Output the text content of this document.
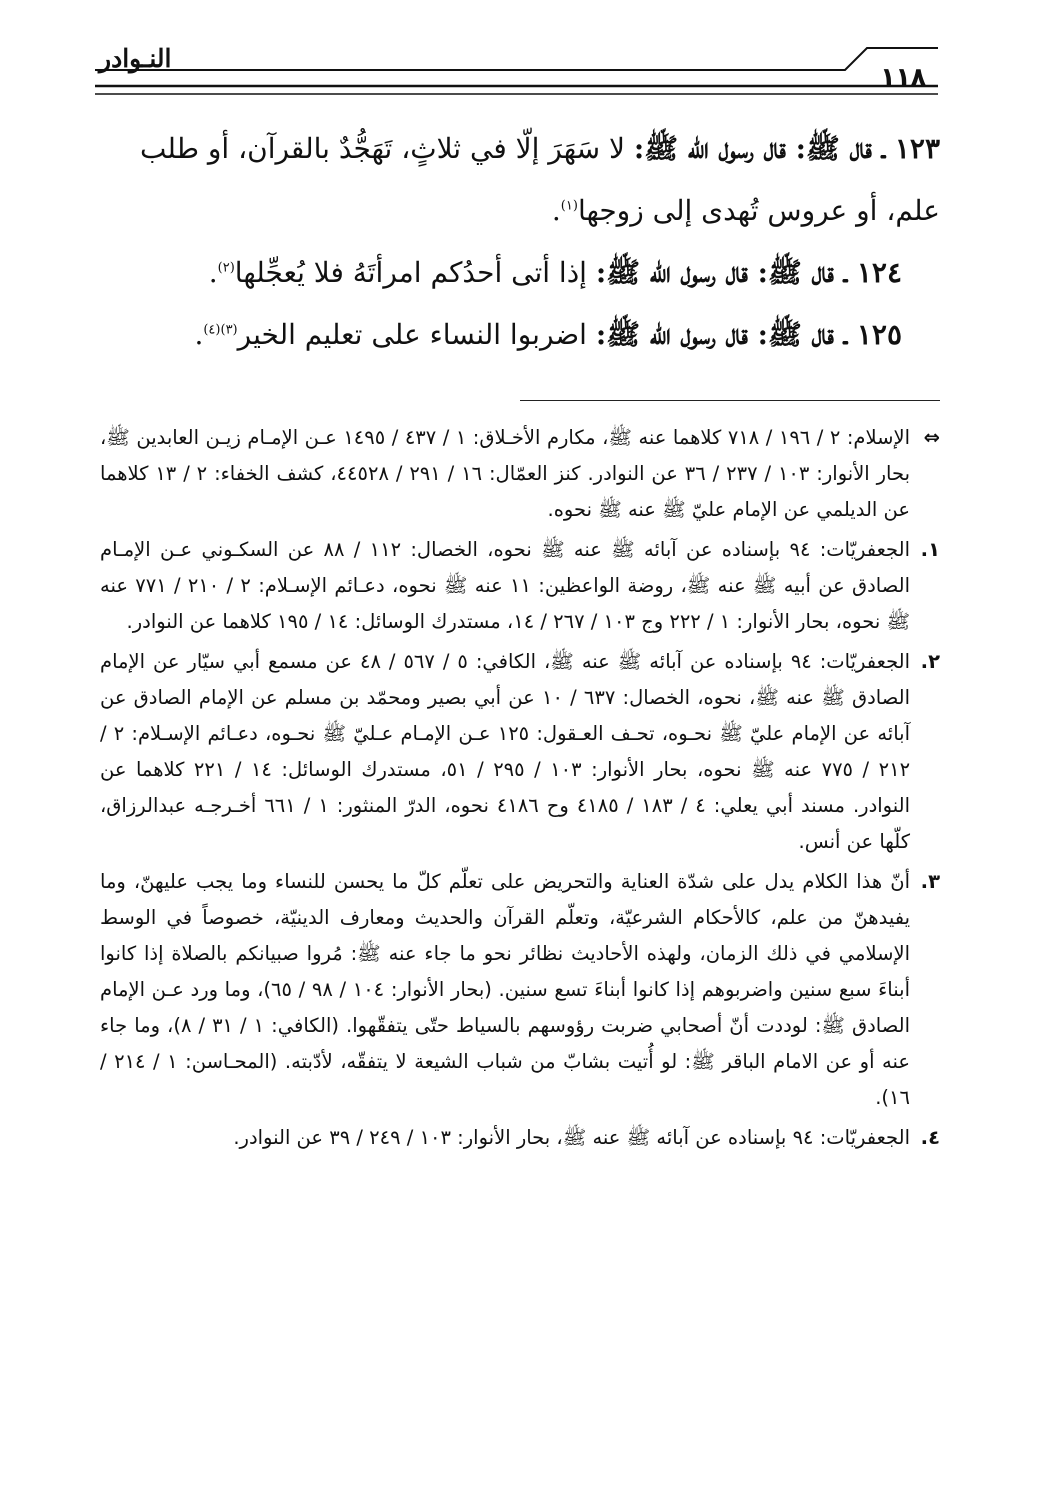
النـوادر
١١٨

١٢٣ ـ قال ﷺ: قال رسول الله ﷺ: لا سَهَرَ إلّا في ثلاثٍ، تَهَجُّدٌ بالقرآن، أو طلب علم، أو عروس تُهدى إلى زوجها$^{(١)}$.

١٢٤ ـ قال ﷺ: قال رسول الله ﷺ: إذا أتى أحدُكم امرأتَهُ فلا يُعجِّلها$^{(٢)}$.

١٢٥ ـ قال ﷺ: قال رسول الله ﷺ: اضربوا النساء على تعليم الخير$^{(٣)(٤)}$.

⇔
الإسلام: ٢ / ١٩٦ / ٧١٨ كلاهما عنه ﷺ، مكارم الأخـلاق: ١ / ٤٣٧ / ١٤٩٥ عـن الإمـام زيـن العابدين ﷺ، بحار الأنوار: ١٠٣ / ٢٣٧ / ٣٦ عن النوادر. كنز العمّال: ١٦ / ٢٩١ / ٤٤٥٢٨، كشف الخفاء: ٢ / ١٣ كلاهما عن الديلمي عن الإمام عليّ ﷺ عنه ﷺ نحوه.
١.
الجعفريّات: ٩٤ بإسناده عن آبائه ﷺ عنه ﷺ نحوه، الخصال: ١١٢ / ٨٨ عن السكـوني عـن الإمـام الصادق عن أبيه ﷺ عنه ﷺ، روضة الواعظين: ١١ عنه ﷺ نحوه، دعـائم الإسـلام: ٢ / ٢١٠ / ٧٧١ عنه ﷺ نحوه، بحار الأنوار: ١ / ٢٢٢ وج ١٠٣ / ٢٦٧ / ١٤، مستدرك الوسائل: ١٤ / ١٩٥ كلاهما عن النوادر.
٢.
الجعفريّات: ٩٤ بإسناده عن آبائه ﷺ عنه ﷺ، الكافي: ٥ / ٥٦٧ / ٤٨ عن مسمع أبي سيّار عن الإمام الصادق ﷺ عنه ﷺ، نحوه، الخصال: ٦٣٧ / ١٠ عن أبي بصير ومحمّد بن مسلم عن الإمام الصادق عن آبائه عن الإمام عليّ ﷺ نحـوه، تحـف العـقول: ١٢٥ عـن الإمـام عـليّ ﷺ نحـوه، دعـائم الإسـلام: ٢ / ٢١٢ / ٧٧٥ عنه ﷺ نحوه، بحار الأنوار: ١٠٣ / ٢٩٥ / ٥١، مستدرك الوسائل: ١٤ / ٢٢١ كلاهما عن النوادر. مسند أبي يعلي: ٤ / ١٨٣ / ٤١٨٥ وح ٤١٨٦ نحوه، الدرّ المنثور: ١ / ٦٦١ أخـرجـه عبدالرزاق، كلّها عن أنس.
٣.
أنّ هذا الكلام يدل على شدّة العناية والتحريض على تعلّم كلّ ما يحسن للنساء وما يجب عليهنّ، وما يفيدهنّ من علم، كالأحكام الشرعيّة، وتعلّم القرآن والحديث ومعارف الدينيّة، خصوصاً في الوسط الإسلامي في ذلك الزمان، ولهذه الأحاديث نظائر نحو ما جاء عنه ﷺ: مُروا صبيانكم بالصلاة إذا كانوا أبناءَ سبع سنين واضربوهم إذا كانوا أبناءَ تسع سنين. (بحار الأنوار: ١٠٤ / ٩٨ / ٦٥)، وما ورد عـن الإمام الصادق ﷺ: لوددت أنّ أصحابي ضربت رؤوسهم بالسياط حتّى يتفقّهوا. (الكافي: ١ / ٣١ / ٨)، وما جاء عنه أو عن الامام الباقر ﷺ: لو أُتيت بشابّ من شباب الشيعة لا يتفقّه، لأدّبته. (المحـاسن: ١ / ٢١٤ / ١٦).
٤.
الجعفريّات: ٩٤ بإسناده عن آبائه ﷺ عنه ﷺ، بحار الأنوار: ١٠٣ / ٢٤٩ / ٣٩ عن النوادر.
